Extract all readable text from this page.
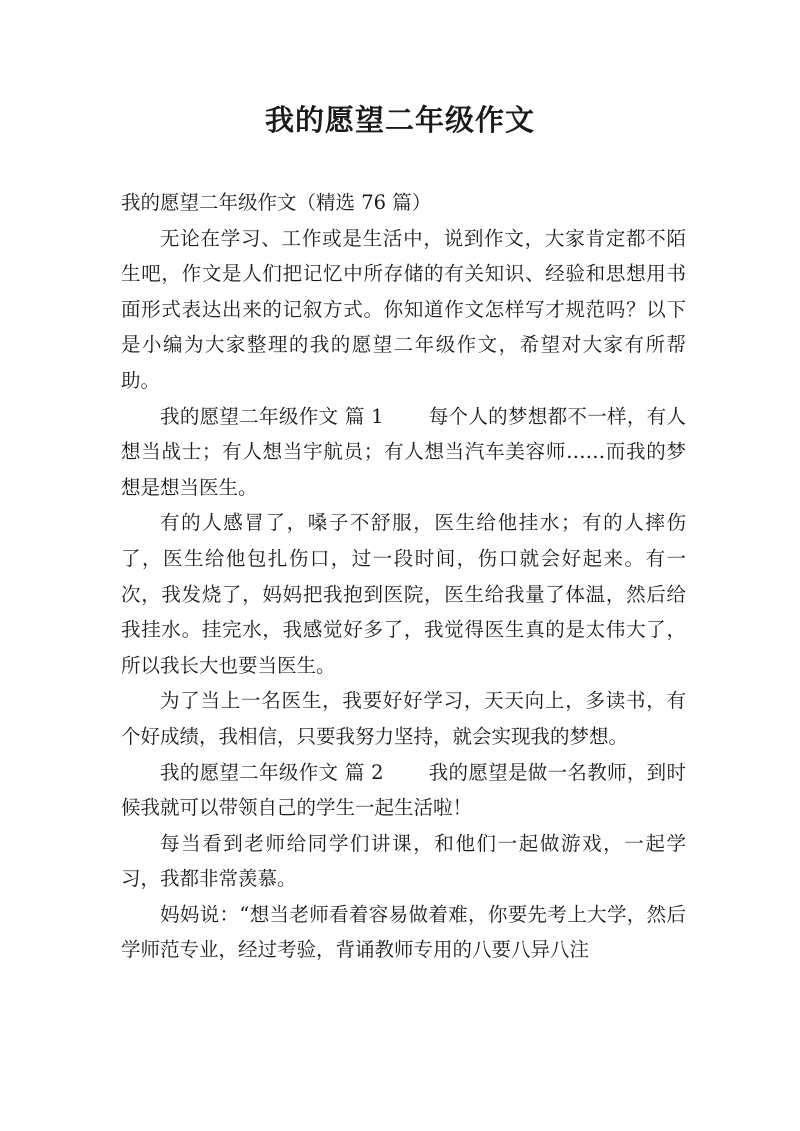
我的愿望二年级作文

我的愿望二年级作文（精选 76 篇）

无论在学习、工作或是生活中，说到作文，大家肯定都不陌生吧，作文是人们把记忆中所存储的有关知识、经验和思想用书面形式表达出来的记叙方式。你知道作文怎样写才规范吗？以下是小编为大家整理的我的愿望二年级作文，希望对大家有所帮助。

我的愿望二年级作文 篇 1 每个人的梦想都不一样，有人想当战士；有人想当宇航员；有人想当汽车美容师……而我的梦想是想当医生。

有的人感冒了，嗓子不舒服，医生给他挂水；有的人摔伤了，医生给他包扎伤口，过一段时间，伤口就会好起来。有一次，我发烧了，妈妈把我抱到医院，医生给我量了体温，然后给我挂水。挂完水，我感觉好多了，我觉得医生真的是太伟大了，所以我长大也要当医生。

为了当上一名医生，我要好好学习，天天向上，多读书，有个好成绩，我相信，只要我努力坚持，就会实现我的梦想。

我的愿望二年级作文 篇 2 我的愿望是做一名教师，到时候我就可以带领自己的学生一起生活啦！

每当看到老师给同学们讲课，和他们一起做游戏，一起学习，我都非常羡慕。

妈妈说：“想当老师看着容易做着难，你要先考上大学，然后学师范专业，经过考验，背诵教师专用的八要八异八注
